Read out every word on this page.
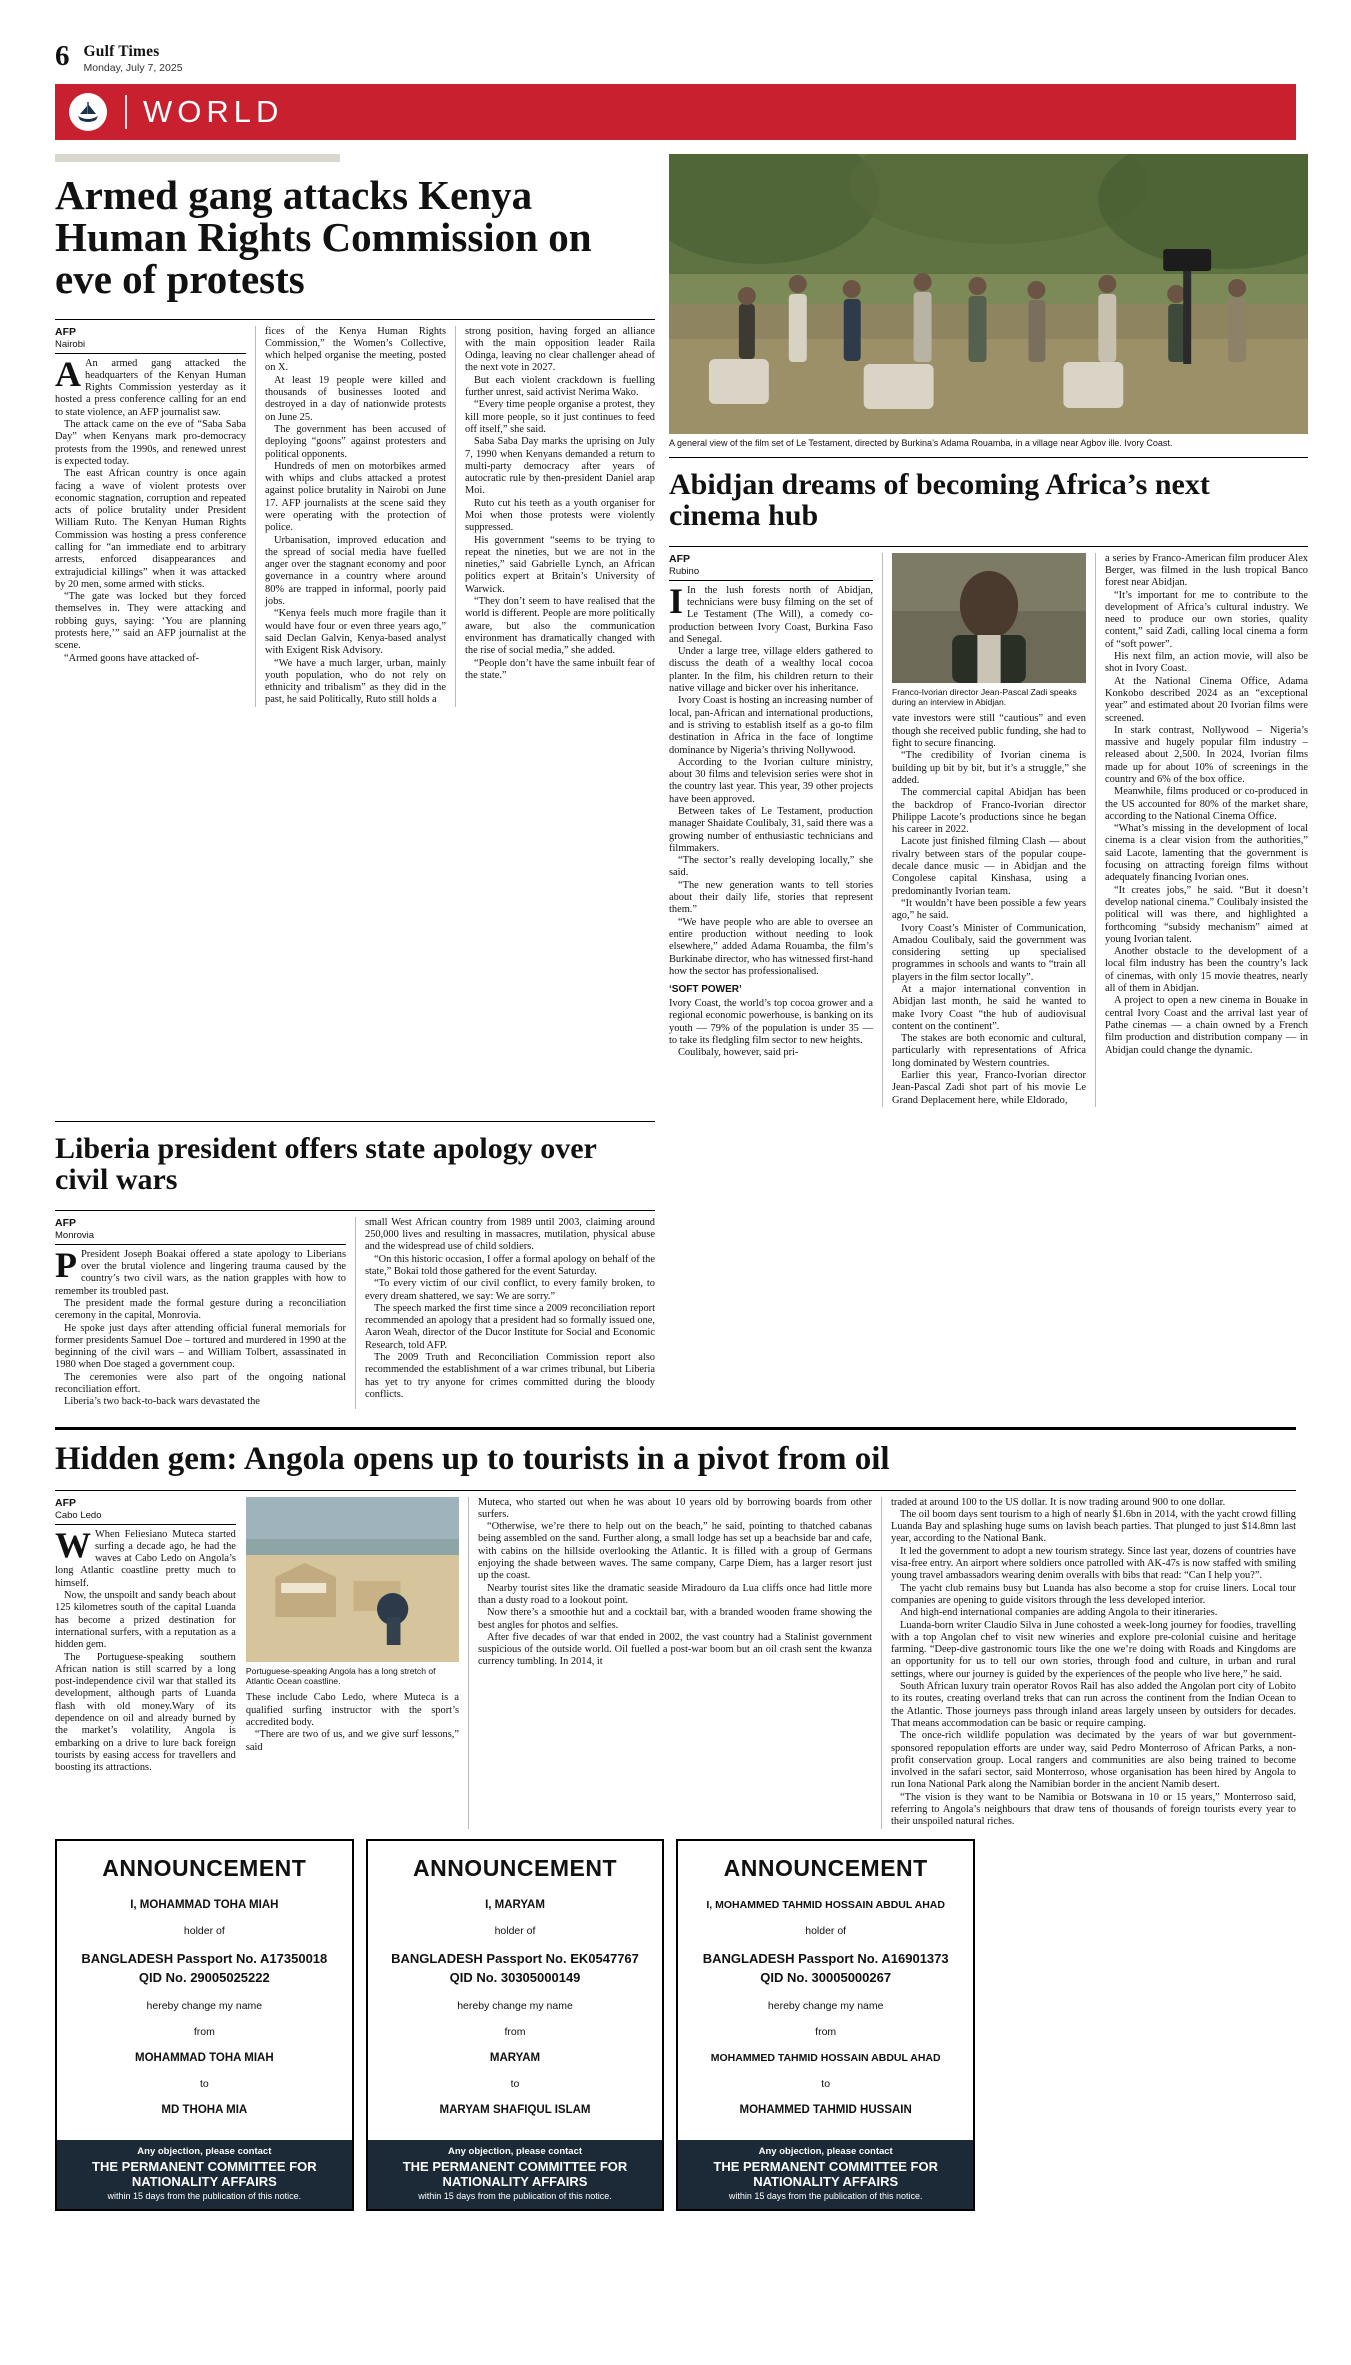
6 Gulf Times
Monday, July 7, 2025
WORLD
Armed gang attacks Kenya Human Rights Commission on eve of protests
AFP
Nairobi
A An armed gang attacked the headquarters of the Kenyan Human Rights Commission yesterday as it hosted a press conference calling for an end to state violence, an AFP journalist saw.

The attack came on the eve of “Saba Saba Day” when Kenyans mark pro-democracy protests from the 1990s, and renewed unrest is expected today.

The east African country is once again facing a wave of violent protests over economic stagnation, corruption and repeated acts of police brutality under President William Ruto. The Kenyan Human Rights Commission was hosting a press conference calling for “an immediate end to arbitrary arrests, enforced disappearances and extrajudicial killings” when it was attacked by 20 men, some armed with sticks.

“The gate was locked but they forced themselves in. They were attacking and robbing guys, saying: ‘You are planning protests here,’” said an AFP journalist at the scene.

“Armed goons have attacked of-

fices of the Kenya Human Rights Commission,” the Women’s Collective, which helped organise the meeting, posted on X.

At least 19 people were killed and thousands of businesses looted and destroyed in a day of nationwide protests on June 25.

The government has been accused of deploying “goons” against protesters and political opponents.

Hundreds of men on motorbikes armed with whips and clubs attacked a protest against police brutality in Nairobi on June 17. AFP journalists at the scene said they were operating with the protection of police.

Urbanisation, improved education and the spread of social media have fuelled anger over the stagnant economy and poor governance in a country where around 80% are trapped in informal, poorly paid jobs.

“Kenya feels much more fragile than it would have four or even three years ago,” said Declan Galvin, Kenya-based analyst with Exigent Risk Advisory.

“We have a much larger, urban, mainly youth population, who do not rely on ethnicity and tribalism” as they did in the past, he said Politically, Ruto still holds a

strong position, having forged an alliance with the main opposition leader Raila Odinga, leaving no clear challenger ahead of the next vote in 2027.

But each violent crackdown is fuelling further unrest, said activist Nerima Wako.

“Every time people organise a protest, they kill more people, so it just continues to feed off itself,” she said.

Saba Saba Day marks the uprising on July 7, 1990 when Kenyans demanded a return to multi-party democracy after years of autocratic rule by then-president Daniel arap Moi.

Ruto cut his teeth as a youth organiser for Moi when those protests were violently suppressed.

His government “seems to be trying to repeat the nineties, but we are not in the nineties,” said Gabrielle Lynch, an African politics expert at Britain’s University of Warwick.

“They don’t seem to have realised that the world is different. People are more politically aware, but also the communication environment has dramatically changed with the rise of social media,” she added.

“People don’t have the same inbuilt fear of the state.”

A general view of the film set of Le Testament, directed by Burkina’s Adama Rouamba, in a village near Agbov ille. Ivory Coast.
Abidjan dreams of becoming Africa’s next cinema hub
AFP
Rubino
I In the lush forests north of Abidjan, technicians were busy filming on the set of Le Testament (The Will), a comedy co-production between Ivory Coast, Burkina Faso and Senegal.

Under a large tree, village elders gathered to discuss the death of a wealthy local cocoa planter. In the film, his children return to their native village and bicker over his inheritance.

Ivory Coast is hosting an increasing number of local, pan-African and international productions, and is striving to establish itself as a go-to film destination in Africa in the face of longtime dominance by Nigeria’s thriving Nollywood.

According to the Ivorian culture ministry, about 30 films and television series were shot in the country last year. This year, 39 other projects have been approved.

Between takes of Le Testament, production manager Shaidate Coulibaly, 31, said there was a growing number of enthusiastic technicians and filmmakers.

“The sector’s really developing locally,” she said.

“The new generation wants to tell stories about their daily life, stories that represent them.”

“We have people who are able to oversee an entire production without needing to look elsewhere,” added Adama Rouamba, the film’s Burkinabe director, who has witnessed first-hand how the sector has professionalised.

‘SOFT POWER’

Ivory Coast, the world’s top cocoa grower and a regional economic powerhouse, is banking on its youth — 79% of the population is under 35 — to take its fledgling film sector to new heights.

Coulibaly, however, said pri-

Franco-Ivorian director Jean-Pascal Zadi speaks during an interview in Abidjan.

vate investors were still “cautious” and even though she received public funding, she had to fight to secure financing.

“The credibility of Ivorian cinema is building up bit by bit, but it’s a struggle,” she added.

The commercial capital Abidjan has been the backdrop of Franco-Ivorian director Philippe Lacote’s productions since he began his career in 2022.

Lacote just finished filming Clash — about rivalry between stars of the popular coupe-decale dance music — in Abidjan and the Congolese capital Kinshasa, using a predominantly Ivorian team.

“It wouldn’t have been possible a few years ago,” he said.

Ivory Coast’s Minister of Communication, Amadou Coulibaly, said the government was considering setting up specialised programmes in schools and wants to “train all players in the film sector locally”.

At a major international convention in Abidjan last month, he said he wanted to make Ivory Coast “the hub of audiovisual content on the continent”.

The stakes are both economic and cultural, particularly with representations of Africa long dominated by Western countries.

Earlier this year, Franco-Ivorian director Jean-Pascal Zadi shot part of his movie Le Grand Deplacement here, while Eldorado,

a series by Franco-American film producer Alex Berger, was filmed in the lush tropical Banco forest near Abidjan.

“It’s important for me to contribute to the development of Africa’s cultural industry. We need to produce our own stories, quality content,” said Zadi, calling local cinema a form of “soft power”.

His next film, an action movie, will also be shot in Ivory Coast.

At the National Cinema Office, Adama Konkobo described 2024 as an “exceptional year” and estimated about 20 Ivorian films were screened.

In stark contrast, Nollywood – Nigeria’s massive and hugely popular film industry – released about 2,500. In 2024, Ivorian films made up for about 10% of screenings in the country and 6% of the box office.

Meanwhile, films produced or co-produced in the US accounted for 80% of the market share, according to the National Cinema Office.

“What’s missing in the development of local cinema is a clear vision from the authorities,” said Lacote, lamenting that the government is focusing on attracting foreign films without adequately financing Ivorian ones.

“It creates jobs,” he said. “But it doesn’t develop national cinema.” Coulibaly insisted the political will was there, and highlighted a forthcoming “subsidy mechanism” aimed at young Ivorian talent.

Another obstacle to the development of a local film industry has been the country’s lack of cinemas, with only 15 movie theatres, nearly all of them in Abidjan.

A project to open a new cinema in Bouake in central Ivory Coast and the arrival last year of Pathe cinemas — a chain owned by a French film production and distribution company — in Abidjan could change the dynamic.

Liberia president offers state apology over civil wars
AFP
Monrovia
P President Joseph Boakai offered a state apology to Liberians over the brutal violence and lingering trauma caused by the country’s two civil wars, as the nation grapples with how to remember its troubled past.

The president made the formal gesture during a reconciliation ceremony in the capital, Monrovia.

He spoke just days after attending official funeral memorials for former presidents Samuel Doe – tortured and murdered in 1990 at the beginning of the civil wars – and William Tolbert, assassinated in 1980 when Doe staged a government coup.

The ceremonies were also part of the ongoing national reconciliation effort.

Liberia’s two back-to-back wars devastated the

small West African country from 1989 until 2003, claiming around 250,000 lives and resulting in massacres, mutilation, physical abuse and the widespread use of child soldiers.

“On this historic occasion, I offer a formal apology on behalf of the state,” Bokai told those gathered for the event Saturday.

“To every victim of our civil conflict, to every family broken, to every dream shattered, we say: We are sorry.”

The speech marked the first time since a 2009 reconciliation report recommended an apology that a president had so formally issued one, Aaron Weah, director of the Ducor Institute for Social and Economic Research, told AFP.

The 2009 Truth and Reconciliation Commission report also recommended the establishment of a war crimes tribunal, but Liberia has yet to try anyone for crimes committed during the bloody conflicts.

Hidden gem: Angola opens up to tourists in a pivot from oil
AFP
Cabo Ledo
W When Feliesiano Muteca started surfing a decade ago, he had the waves at Cabo Ledo on Angola’s long Atlantic coastline pretty much to himself.

Now, the unspoilt and sandy beach about 125 kilometres south of the capital Luanda has become a prized destination for international surfers, with a reputation as a hidden gem.

The Portuguese-speaking southern African nation is still scarred by a long post-independence civil war that stalled its development, although parts of Luanda flash with old money.Wary of its dependence on oil and already burned by the market’s volatility, Angola is embarking on a drive to lure back foreign tourists by easing access for travellers and boosting its attractions.

Portuguese-speaking Angola has a long stretch of Atlantic Ocean coastline.

These include Cabo Ledo, where Muteca is a qualified surfing instructor with the sport’s accredited body.

“There are two of us, and we give surf lessons,” said

Muteca, who started out when he was about 10 years old by borrowing boards from other surfers.

“Otherwise, we’re there to help out on the beach,” he said, pointing to thatched cabanas being assembled on the sand. Further along, a small lodge has set up a beachside bar and cafe, with cabins on the hillside overlooking the Atlantic. It is filled with a group of Germans enjoying the shade between waves. The same company, Carpe Diem, has a larger resort just up the coast.

Nearby tourist sites like the dramatic seaside Miradouro da Lua cliffs once had little more than a dusty road to a lookout point.

Now there’s a smoothie hut and a cocktail bar, with a branded wooden frame showing the best angles for photos and selfies.

After five decades of war that ended in 2002, the vast country had a Stalinist government suspicious of the outside world. Oil fuelled a post-war boom but an oil crash sent the kwanza currency tumbling. In 2014, it

traded at around 100 to the US dollar. It is now trading around 900 to one dollar.

The oil boom days sent tourism to a high of nearly $1.6bn in 2014, with the yacht crowd filling Luanda Bay and splashing huge sums on lavish beach parties. That plunged to just $14.8mn last year, according to the National Bank.

It led the government to adopt a new tourism strategy. Since last year, dozens of countries have visa-free entry. An airport where soldiers once patrolled with AK-47s is now staffed with smiling young travel ambassadors wearing denim overalls with bibs that read: “Can I help you?”.

The yacht club remains busy but Luanda has also become a stop for cruise liners. Local tour companies are opening to guide visitors through the less developed interior.

And high-end international companies are adding Angola to their itineraries.

Luanda-born writer Claudio Silva in June cohosted a week-long journey for foodies, travelling with a top Angolan chef to visit new wineries and explore pre-colonial cuisine and heritage farming. “Deep-dive gastronomic tours like the one we’re doing with Roads and Kingdoms are an opportunity for us to tell our own stories, through food and culture, in urban and rural settings, where our journey is guided by the experiences of the people who live here,” he said.

South African luxury train operator Rovos Rail has also added the Angolan port city of Lobito to its routes, creating overland treks that can run across the continent from the Indian Ocean to the Atlantic. Those journeys pass through inland areas largely unseen by outsiders for decades. That means accommodation can be basic or require camping.

The once-rich wildlife population was decimated by the years of war but government-sponsored repopulation efforts are under way, said Pedro Monterroso of African Parks, a non-profit conservation group. Local rangers and communities are also being trained to become involved in the safari sector, said Monterroso, whose organisation has been hired by Angola to run Iona National Park along the Namibian border in the ancient Namib desert.

“The vision is they want to be Namibia or Botswana in 10 or 15 years,” Monterroso said, referring to Angola’s neighbours that draw tens of thousands of foreign tourists every year to their unspoiled natural riches.

ANNOUNCEMENT
I, MOHAMMAD TOHA MIAH
holder of
BANGLADESH Passport No. A17350018
QID No. 29005025222
hereby change my name
from
MOHAMMAD TOHA MIAH
to
MD THOHA MIA
Any objection, please contact
THE PERMANENT COMMITTEE FOR NATIONALITY AFFAIRS
within 15 days from the publication of this notice.
ANNOUNCEMENT
I, MARYAM
holder of
BANGLADESH Passport No. EK0547767
QID No. 30305000149
hereby change my name
from
MARYAM
to
MARYAM SHAFIQUL ISLAM
Any objection, please contact
THE PERMANENT COMMITTEE FOR NATIONALITY AFFAIRS
within 15 days from the publication of this notice.
ANNOUNCEMENT
I, MOHAMMED TAHMID HOSSAIN ABDUL AHAD
holder of
BANGLADESH Passport No. A16901373
QID No. 30005000267
hereby change my name
from
MOHAMMED TAHMID HOSSAIN ABDUL AHAD
to
MOHAMMED TAHMID HUSSAIN
Any objection, please contact
THE PERMANENT COMMITTEE FOR NATIONALITY AFFAIRS
within 15 days from the publication of this notice.
